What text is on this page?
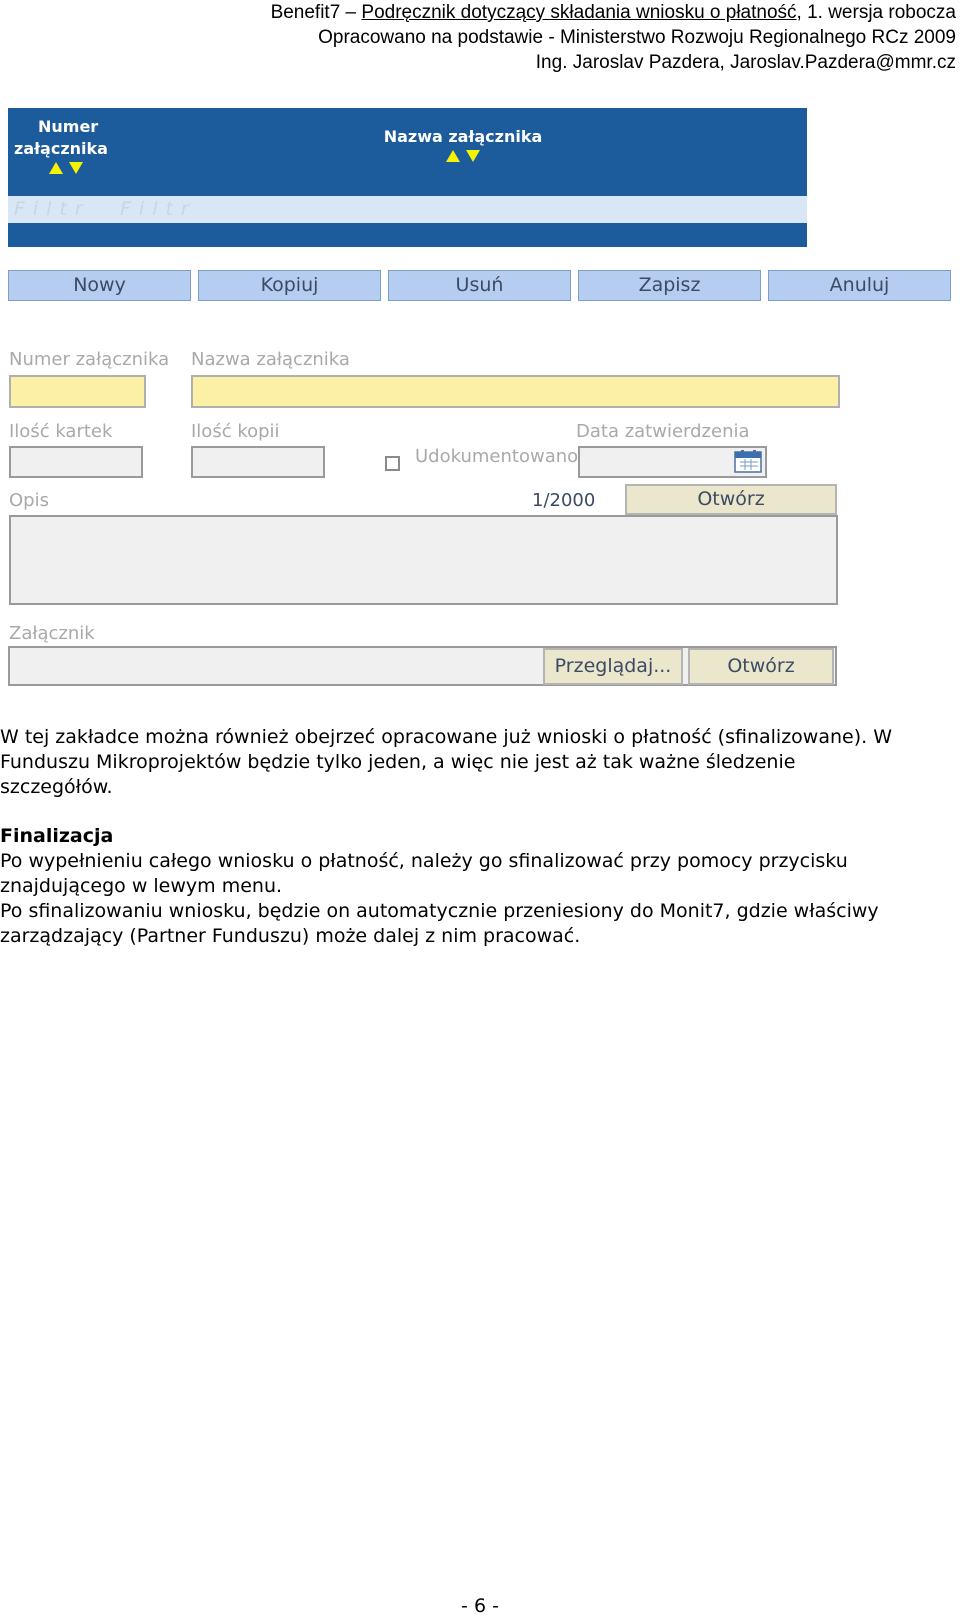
Benefit7 – Podręcznik dotyczący składania wniosku o płatność, 1. wersja robocza
Opracowano na podstawie - Ministerstwo Rozwoju Regionalnego RCz 2009
Ing. Jaroslav Pazdera, Jaroslav.Pazdera@mmr.cz
Numer
załącznika
Nazwa załącznika
Filtr Filtr
Nowy	Kopiuj	Usuń	Zapisz	Anuluj
Numer załącznika Nazwa załącznika
Ilość kartek	Ilość kopii	Data zatwierdzenia
Udokumentowano
Opis	1/2000	Otwórz
Załącznik
Przeglądaj...	Otwórz

W tej zakładce można również obejrzeć opracowane już wnioski o płatność (sfinalizowane). W

Funduszu Mikroprojektów będzie tylko jeden, a więc nie jest aż tak ważne śledzenie szczegółów.

Finalizacja

Po wypełnieniu całego wniosku o płatność, należy go sfinalizować przy pomocy przycisku

znajdującego w lewym menu.

Po sfinalizowaniu wniosku, będzie on automatycznie przeniesiony do Monit7, gdzie właściwy

zarządzający (Partner Funduszu) może dalej z nim pracować.

- 6 -
